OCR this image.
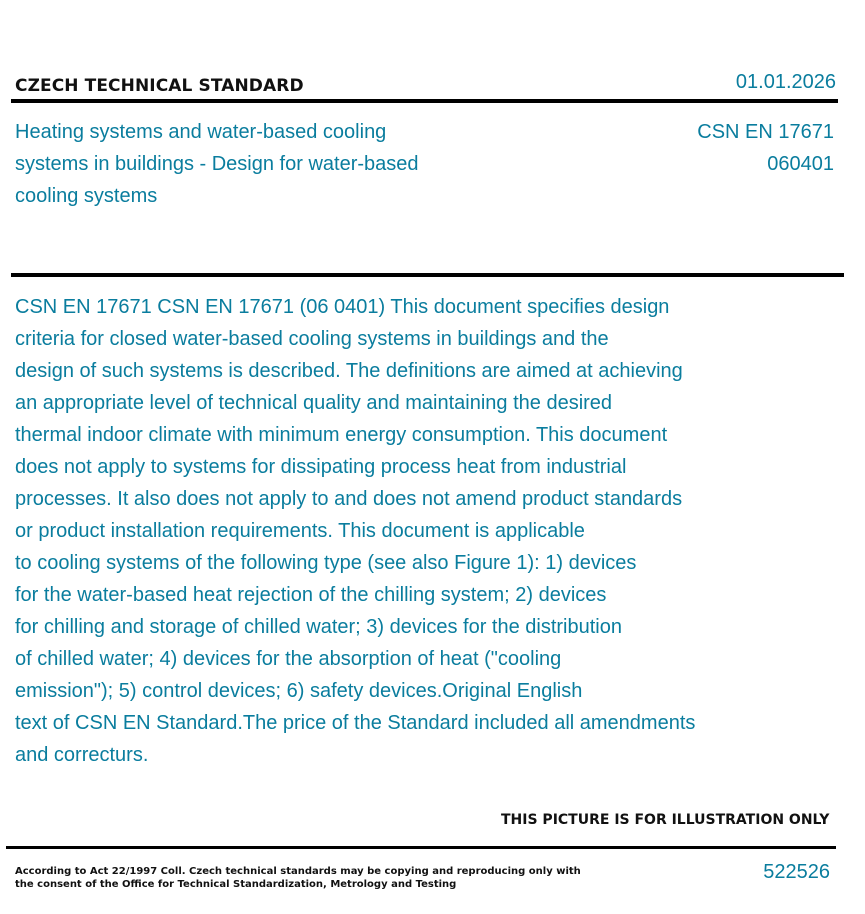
CZECH TECHNICAL STANDARD	01.01.2026
Heating systems and water-based cooling systems in buildings - Design for water-based cooling systems
CSN EN 17671
060401
CSN EN 17671 CSN EN 17671 (06 0401) This document specifies design
criteria for closed water-based cooling systems in buildings and the
design of such systems is described. The definitions are aimed at achieving
an appropriate level of technical quality and maintaining the desired
thermal indoor climate with minimum energy consumption. This document
does not apply to systems for dissipating process heat from industrial
processes. It also does not apply to and does not amend product standards
or product installation requirements. This document is applicable
to cooling systems of the following type (see also Figure 1): 1) devices
for the water-based heat rejection of the chilling system; 2) devices
for chilling and storage of chilled water; 3) devices for the distribution
of chilled water; 4) devices for the absorption of heat ("cooling
emission"); 5) control devices; 6) safety devices.Original English
text of CSN EN Standard.The price of the Standard included all amendments
and correcturs.
THIS PICTURE IS FOR ILLUSTRATION ONLY
According to Act 22/1997 Coll. Czech technical standards may be copying and reproducing only with the consent of the Office for Technical Standardization, Metrology and Testing
522526
